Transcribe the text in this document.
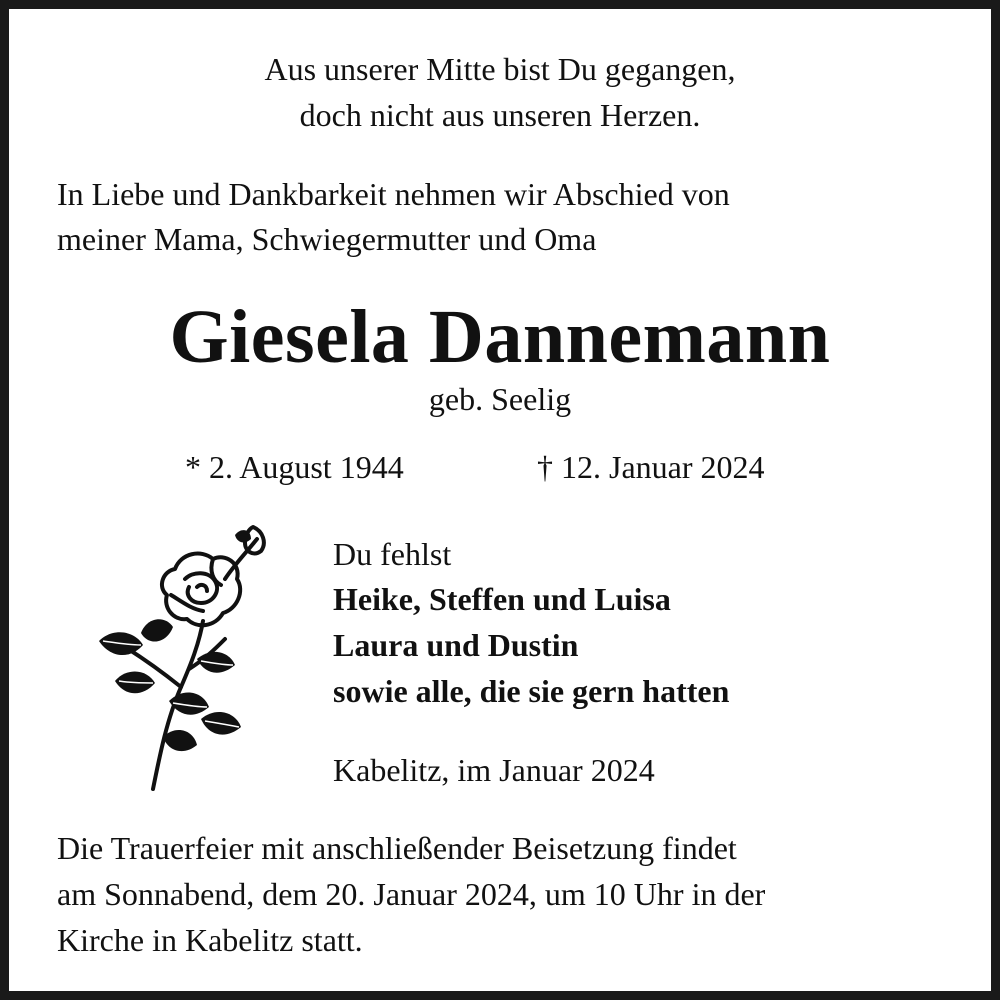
Aus unserer Mitte bist Du gegangen,
doch nicht aus unseren Herzen.
In Liebe und Dankbarkeit nehmen wir Abschied von
meiner Mama, Schwiegermutter und Oma
Giesela Dannemann
geb. Seelig
* 2. August 1944	† 12. Januar 2024
Du fehlst
Heike, Steffen und Luisa
Laura und Dustin
sowie alle, die sie gern hatten
Kabelitz, im Januar 2024
Die Trauerfeier mit anschließender Beisetzung findet
am Sonnabend, dem 20. Januar 2024, um 10 Uhr in der
Kirche in Kabelitz statt.
